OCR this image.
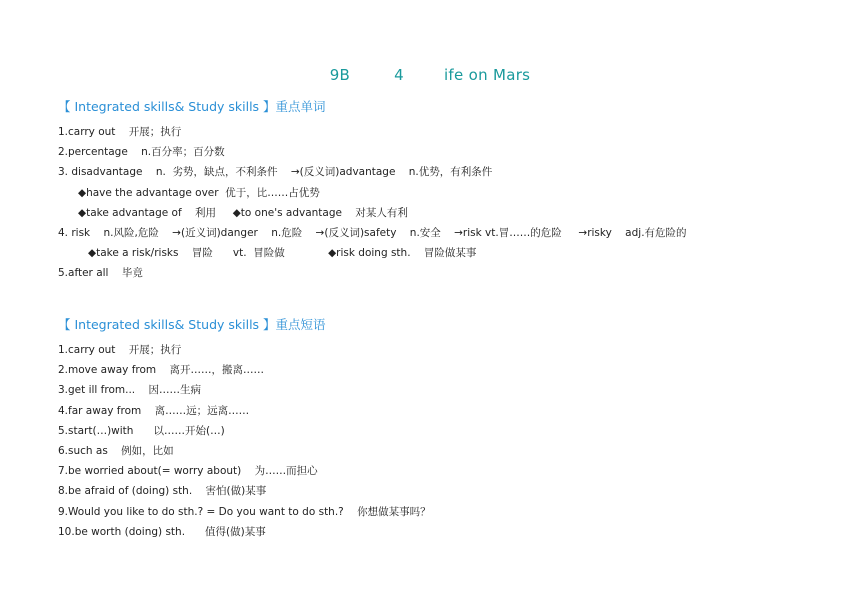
9B	4	ife on Mars
【 Integrated skills& Study skills 】重点单词
1.carry out    开展；执行
2.percentage    n.百分率；百分数
3. disadvantage    n.  劣势，缺点，不利条件    →(反义词)advantage    n.优势，有利条件
◆have the advantage over  优于，比……占优势
◆take advantage of    利用     ◆to one's advantage    对某人有利
4. risk    n.风险,危险    →(近义词)danger    n.危险    →(反义词)safety    n.安全    →risk vt.冒……的危险     →risky    adj.有危险的
◆take a risk/risks    冒险      vt.  冒险做             ◆risk doing sth.    冒险做某事
5.after all    毕竟
【 Integrated skills& Study skills 】重点短语
1.carry out    开展；执行
2.move away from    离开……，搬离……
3.get ill from...    因……生病
4.far away from    离……远；远离……
5.start(…)with      以……开始(…)
6.such as    例如，比如
7.be worried about(= worry about)    为……而担心
8.be afraid of (doing) sth.    害怕(做)某事
9.Would you like to do sth.? = Do you want to do sth.?    你想做某事吗？
10.be worth (doing) sth.      值得(做)某事
